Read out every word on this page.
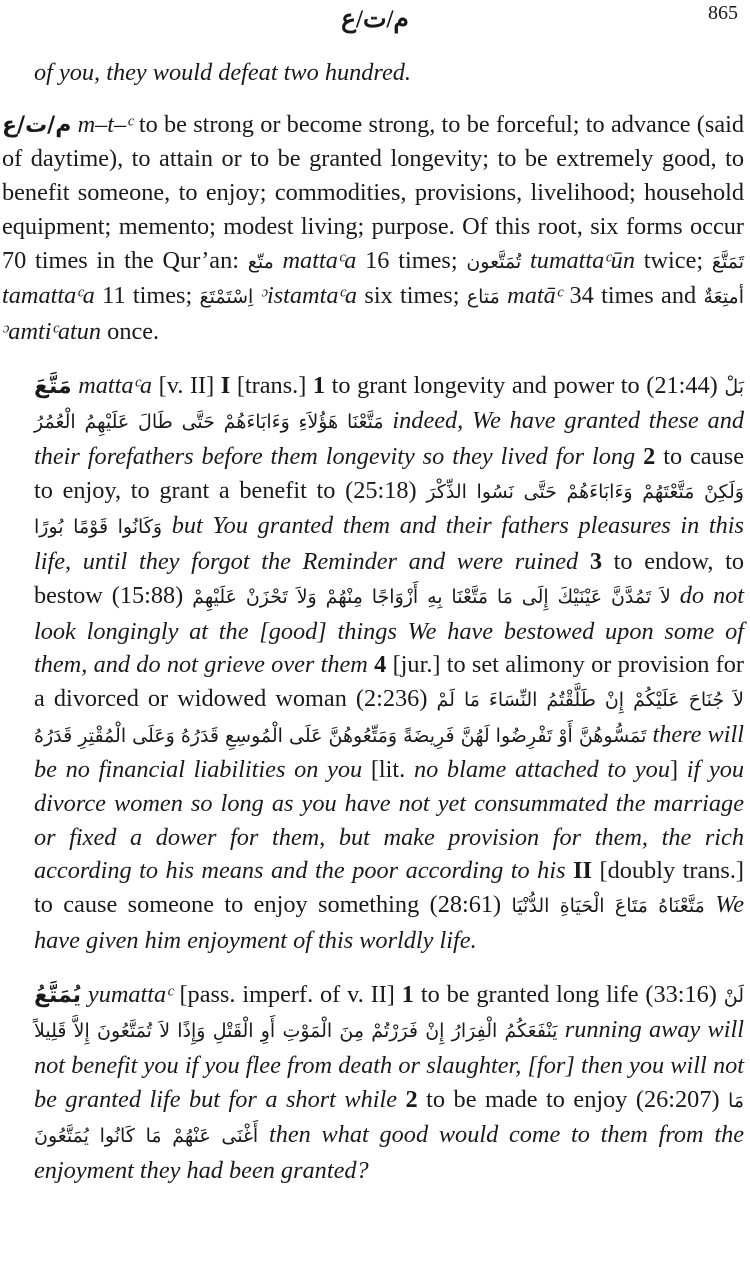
م/ت/ع	865

of you, they would defeat two hundred.

م/ت/ع m–t–ᶜ to be strong or become strong, to be forceful; to advance (said of daytime), to attain or to be granted longevity; to be extremely good, to benefit someone, to enjoy; commodities, provisions, livelihood; household equipment; memento; modest living; purpose. Of this root, six forms occur 70 times in the Qur’an: متّع mattaᶜa 16 times; تُمَتَّعون tumattaᶜūn twice; تَمَتَّعَ tamattaᶜa 11 times; اِسْتَمْتَعَ ᵓistamtaᶜa six times; مَتاع matāᶜ 34 times and أمتِعَةٌ ᵓamtiᶜatun once.

مَتَّعَ mattaᶜa [v. II] I [trans.] 1 to grant longevity and power to (21:44) بَلْ مَتَّعْنَا هَؤُلاَءِ وَءَابَاءَهُمْ حَتَّى طَالَ عَلَيْهِمُ الْعُمُرُ indeed, We have granted these and their forefathers before them longevity so they lived for long 2 to cause to enjoy, to grant a benefit to (25:18) وَلَكِنْ مَتَّعْتَهُمْ وَءَابَاءَهُمْ حَتَّى نَسُوا الذِّكْرَ وَكَانُوا قَوْمًا بُورًا but You granted them and their fathers pleasures in this life, until they forgot the Reminder and were ruined 3 to endow, to bestow (15:88) لاَ تَمُدَّنَّ عَيْنَيْكَ إِلَى مَا مَتَّعْنَا بِهِ أَزْوَاجًا مِنْهُمْ وَلاَ تَحْزَنْ عَلَيْهِمْ do not look longingly at the [good] things We have bestowed upon some of them, and do not grieve over them 4 [jur.] to set alimony or provision for a divorced or widowed woman (2:236) لاَ جُنَاحَ عَلَيْكُمْ إِنْ طَلَّقْتُمُ النِّسَاءَ مَا لَمْ تَمَسُّوهُنَّ أَوْ تَفْرِضُوا لَهُنَّ فَرِيضَةً وَمَتِّعُوهُنَّ عَلَى الْمُوسِعِ قَدَرُهُ وَعَلَى الْمُقْتِرِ قَدَرُهُ there will be no financial liabilities on you [lit. no blame attached to you] if you divorce women so long as you have not yet consummated the marriage or fixed a dower for them, but make provision for them, the rich according to his means and the poor according to his II [doubly trans.] to cause someone to enjoy something (28:61) مَتَّعْنَاهُ مَتَاعَ الْحَيَاةِ الدُّنْيَا We have given him enjoyment of this worldly life.

يُمَتَّعُ yumattaᶜ [pass. imperf. of v. II] 1 to be granted long life (33:16) لَنْ يَنْفَعَكُمُ الْفِرَارُ إِنْ فَرَرْتُمْ مِنَ الْمَوْتِ أَوِ الْقَتْلِ وَإِذًا لاَ تُمَتَّعُونَ إِلاَّ قَلِيلاً running away will not benefit you if you flee from death or slaughter, [for] then you will not be granted life but for a short while 2 to be made to enjoy (26:207) مَا أَغْنَى عَنْهُمْ مَا كَانُوا يُمَتَّعُونَ then what good would come to them from the enjoyment they had been granted?
